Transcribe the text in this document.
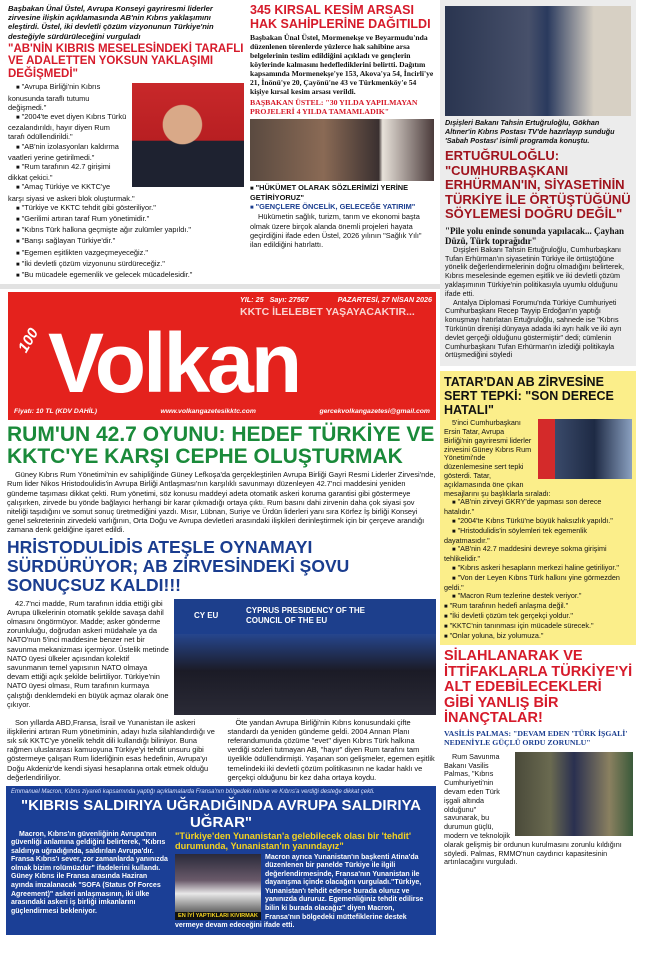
Başbakan Ünal Üstel, Avrupa Konseyi gayriresmi liderler zirvesine ilişkin açıklamasında AB'nin Kıbrıs yaklaşımını eleştirdi. Üstel, iki devletli çözüm vizyonunun Türkiye'nin desteğiyle sürdürüleceğini vurguladı

"AB'NİN KIBRIS MESELESİNDEKİ TARAFLI VE ADALETTEN YOKSUN YAKLAŞIMI DEĞİŞMEDİ"

■ "Avrupa Birliği'nin Kıbrıs konusunda taraflı tutumu değişmedi."

■ "2004'te evet diyen Kıbrıs Türkü cezalandırıldı, hayır diyen Rum tarafı ödüllendirildi."

■ "AB'nin izolasyonları kaldırma vaatleri yerine getirilmedi."

■ "Rum tarafının 42.7 girişimi dikkat çekici."

■ "Amaç Türkiye ve KKTC'ye karşı siyasi ve askeri blok oluşturmak."

■ "Türkiye ve KKTC tehdit gibi gösteriliyor."

■ "Gerilimi artıran taraf Rum yönetimidir."

■ "Kıbrıs Türk halkına geçmişte ağır zulümler yapıldı."

■ "Barışı sağlayan Türkiye'dir."

■ "Egemen eşitlikten vazgeçmeyeceğiz."

■ "İki devletli çözüm vizyonunu sürdüreceğiz."

■ "Bu mücadele egemenlik ve gelecek mücadelesidir."

345 KIRSAL KESİM ARSASI HAK SAHİPLERİNE DAĞITILDI

Başbakan Ünal Üstel, Mormenekşe ve Beyarmudu'nda düzenlenen törenlerde yüzlerce hak sahibine arsa belgelerinin teslim edildiğini açıkladı ve gençlerin köylerinde kalmasını hedeflediklerini belirtti. Dağıtım kapsamında Mormenekşe'ye 153, Akova'ya 54, İncirli'ye 21, İnönü'ye 20, Çayönü'ne 43 ve Türkmenköy'e 54 kişiye kırsal kesim arsası verildi.

BAŞBAKAN ÜSTEL: "30 YILDA YAPILMAYAN PROJELERİ 4 YILDA TAMAMLADIK"

■ "HÜKÜMET OLARAK SÖZLERİMİZİ YERİNE GETİRİYORUZ"

■ "GENÇLERE ÖNCELİK, GELECEĞE YATIRIM"

Hükümetin sağlık, turizm, tarım ve ekonomi başta olmak üzere birçok alanda önemli projeleri hayata geçirdiğini ifade eden Üstel, 2026 yılının "Sağlık Yılı" ilan edildiğini hatırlattı.

100 Volkan
YIL: 25 Sayı: 27567	PAZARTESİ, 27 NİSAN 2026
KKTC İLELEBET YAŞAYACAKTIR...
Fiyatı: 10 TL (KDV DAHİL)	www.volkangazetesikktc.com	gercekvolkangazetesi@gmail.com
RUM'UN 42.7 OYUNU: HEDEF TÜRKİYE VE KKTC'YE KARŞI CEPHE OLUŞTURMAK

Güney Kıbrıs Rum Yönetimi'nin ev sahipliğinde Güney Lefkoşa'da gerçekleştirilen Avrupa Birliği Gayri Resmi Liderler Zirvesi'nde, Rum lider Nikos Hristodoulidis'in Avrupa Birliği Antlaşması'nın karşılıklı savunmayı düzenleyen 42.7'nci maddesini yeniden gündeme taşıması dikkat çekti. Rum yönetimi, söz konusu maddeyi adeta otomatik askeri koruma garantisi gibi göstermeye çalışırken, zirvede bu yönde bağlayıcı herhangi bir karar çıkmadığı ortaya çıktı. Rum basını dahi zirvenin daha çok siyasi şov niteliği taşıdığını ve somut sonuç üretmediğini yazdı. Mısır, Lübnan, Suriye ve Ürdün liderleri yanı sıra Körfez İş birliği Konseyi genel sekreterinin zirvedeki varlığının, Orta Doğu ve Avrupa devletleri arasındaki ilişkileri derinleştirmek için bir çerçeve arandığı zamana denk geldiğine işaret edildi.

HRİSTODULİDİS ATEŞLE OYNAMAYI SÜRDÜRÜYOR; AB ZİRVESİNDEKİ ŞOVU SONUÇSUZ KALDI!!!
CY EU
CYPRUS PRESIDENCY OF THE COUNCIL OF THE EU

42.7'nci madde, Rum tarafının iddia ettiği gibi Avrupa ülkelerinin otomatik şekilde savaşa dahil olmasını öngörmüyor. Madde; asker gönderme zorunluluğu, doğrudan askeri müdahale ya da NATO'nun 5'inci maddesine benzer net bir savunma mekanizması içermiyor. Üstelik metinde NATO üyesi ülkeler açısından kolektif savunmanın temel yapısının NATO olmaya devam ettiği açık şekilde belirtiliyor. Türkiye'nin NATO üyesi olması, Rum tarafının kurmaya çalıştığı denklemdeki en büyük açmaz olarak öne çıkıyor.

Son yıllarda ABD,Fransa, İsrail ve Yunanistan ile askeri ilişkilerini artıran Rum yönetiminin, adayı hızla silahlandırdığı ve sık sık KKTC'ye yönelik tehdit dili kullandığı biliniyor. Buna rağmen uluslararası kamuoyuna Türkiye'yi tehdit unsuru gibi göstermeye çalışan Rum liderliğinin esas hedefinin, Avrupa'yı Doğu Akdeniz'de kendi siyasi hesaplarına ortak etmek olduğu değerlendiriliyor.

Öte yandan Avrupa Birliği'nin Kıbrıs konusundaki çifte standardı da yeniden gündeme geldi. 2004 Annan Planı referandumunda çözüme "evet" diyen Kıbrıs Türk halkına verdiği sözleri tutmayan AB, "hayır" diyen Rum tarafını tam üyelikle ödüllendirmişti. Yaşanan son gelişmeler, egemen eşitlik temelindeki iki devletli çözüm politikasının ne kadar haklı ve gerçekçi olduğunu bir kez daha ortaya koydu.

Emmanuel Macron, Kıbrıs ziyareti kapsamında yaptığı açıklamalarda Fransa'nın bölgedeki rolüne ve Kıbrıs'a verdiği desteğe dikkat çekti.

"KIBRIS SALDIRIYA UĞRADIĞINDA AVRUPA SALDIRIYA UĞRAR"

Macron, Kıbrıs'ın güvenliğinin Avrupa'nın güvenliği anlamına geldiğini belirterek, "Kıbrıs saldırıya uğradığında, saldırılan Avrupa'dır. Fransa Kıbrıs'ı sever, zor zamanlarda yanınızda olmak bizim rolümüzdür" ifadelerini kullandı. Güney Kıbrıs ile Fransa arasında Haziran ayında imzalanacak "SOFA (Status Of Forces Agreement)" askeri anlaşmasının, iki ülke arasındaki askeri iş birliği imkanlarını güçlendirmesi bekleniyor.

"Türkiye'den Yunanistan'a gelebilecek olası bir 'tehdit' durumunda, Yunanistan'ın yanındayız"

EN İYİ YAPTIKLARI KIVIRMAK

Macron ayrıca Yunanistan'ın başkenti Atina'da düzenlenen bir panelde Türkiye ile ilgili değerlendirmesinde, Fransa'nın Yunanistan ile dayanışma içinde olacağını vurguladı."Türkiye, Yunanistan'ı tehdit ederse burada oluruz ve yanınızda dururuz. Egemenliğiniz tehdit edilirse bilin ki burada olacağız" diyen Macron, Fransa'nın bölgedeki müttefiklerine destek vermeye devam edeceğini ifade etti.

Dışişleri Bakanı Tahsin Ertuğruloğlu, Gökhan Altıner'in Kıbrıs Postası TV'de hazırlayıp sunduğu 'Sabah Postası' isimli programda konuştu.

ERTUĞRULOĞLU: "CUMHURBAŞKANI ERHÜRMAN'IN, SİYASETİNİN TÜRKİYE İLE ÖRTÜŞTÜĞÜNÜ SÖYLEMESİ DOĞRU DEĞİL"

"Pile yolu eninde sonunda yapılacak... Çayhan Düzü, Türk toprağıdır"

Dışişleri Bakanı Tahsin Ertuğruloğlu, Cumhurbaşkanı Tufan Erhürman'ın siyasetinin Türkiye ile örtüştüğüne yönelik değerlendirmelerinin doğru olmadığını belirterek, Kıbrıs meselesinde egemen eşitlik ve iki devletli çözüm yaklaşımının Türkiye'nin politikasıyla uyumlu olduğunu ifade etti.

Antalya Diplomasi Forumu'nda Türkiye Cumhuriyeti Cumhurbaşkanı Recep Tayyip Erdoğan'ın yaptığı konuşmayı hatırlatan Ertuğruloğlu, sahnede ise "Kıbrıs Türkünün direnişi dünyaya adada iki ayrı halk ve iki ayrı devlet gerçeği olduğunu göstermiştir" dedi; cümlenin Cumhurbaşkanı Tufan Erhürman'ın izlediği politikayla örtüşmediğini söyledi

TATAR'DAN AB ZİRVESİNE SERT TEPKİ: "SON DERECE HATALI"

5'inci Cumhurbaşkanı Ersin Tatar, Avrupa Birliği'nin gayriresmi liderler zirvesini Güney Kıbrıs Rum Yönetimi'nde düzenlemesine sert tepki gösterdi. Tatar, açıklamasında öne çıkan mesajlarını şu başlıklarla sıraladı:

■ "AB'nin zirveyi GKRY'de yapması son derece hatalıdır."

■ "2004'te Kıbrıs Türkü'ne büyük haksızlık yapıldı."

■ "Hristodulidis'in söylemleri tek egemenlik dayatmasıdır."

■ "AB'nin 42.7 maddesini devreye sokma girişimi tehlikelidir."

■ "Kıbrıs askeri hesapların merkezi haline getiriliyor."

■ "Von der Leyen Kıbrıs Türk halkını yine görmezden geldi."

■ "Macron Rum tezlerine destek veriyor."

■ "Rum tarafının hedefi anlaşma değil."

■ "İki devletli çözüm tek gerçekçi yoldur."

■ "KKTC'nin tanınması için mücadele sürecek."

■ "Onlar yoluna, biz yolumuza."

SİLAHLANARAK VE İTTİFAKLARLA TÜRKİYE'Yİ ALT EDEBİLECEKLERİ GİBİ YANLIŞ BİR İNANÇTALAR!

VASİLİS PALMAS: "DEVAM EDEN 'TÜRK İŞGALİ' NEDENİYLE GÜÇLÜ ORDU ZORUNLU"

Rum Savunma Bakanı Vasilis Palmas, "Kıbrıs Cumhuriyeti'nin devam eden Türk işgali altında olduğunu" savunarak, bu durumun güçlü, modern ve teknolojik olarak gelişmiş bir ordunun kurulmasını zorunlu kıldığını söyledi. Palmas, RMMO'nun caydırıcı kapasitesinin artırılacağını vurguladı.
